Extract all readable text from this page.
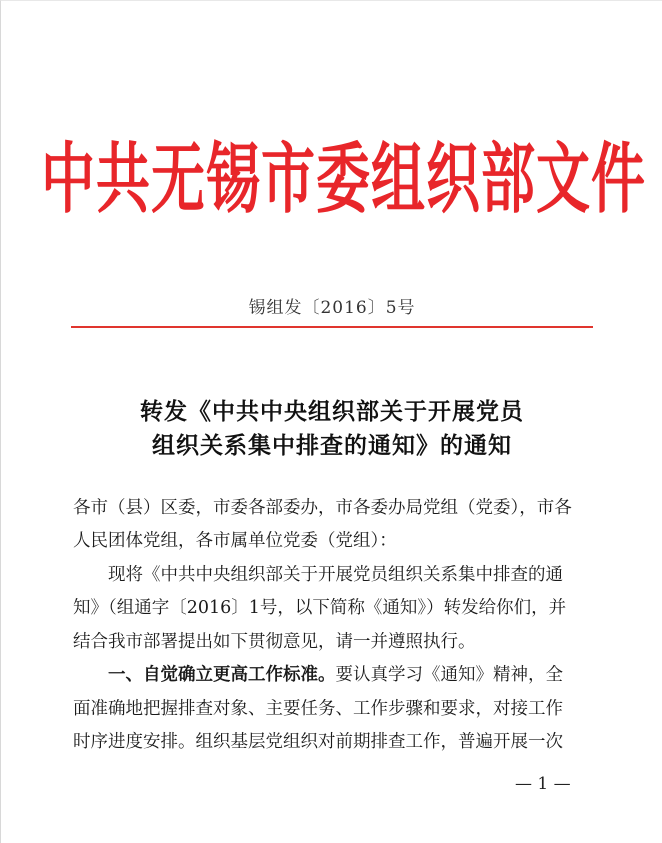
中共无锡市委组织部文件
锡组发〔2016〕5号
转发《中共中央组织部关于开展党员
组织关系集中排查的通知》的通知
各市（县）区委，市委各部委办，市各委办局党组（党委），市各
人民团体党组，各市属单位党委（党组）：
现将《中共中央组织部关于开展党员组织关系集中排查的通
知》（组通字〔2016〕1号，以下简称《通知》）转发给你们，并
结合我市部署提出如下贯彻意见，请一并遵照执行。
一、自觉确立更高工作标准。要认真学习《通知》精神，全
面准确地把握排查对象、主要任务、工作步骤和要求，对接工作
时序进度安排。组织基层党组织对前期排查工作，普遍开展一次
— 1 —
